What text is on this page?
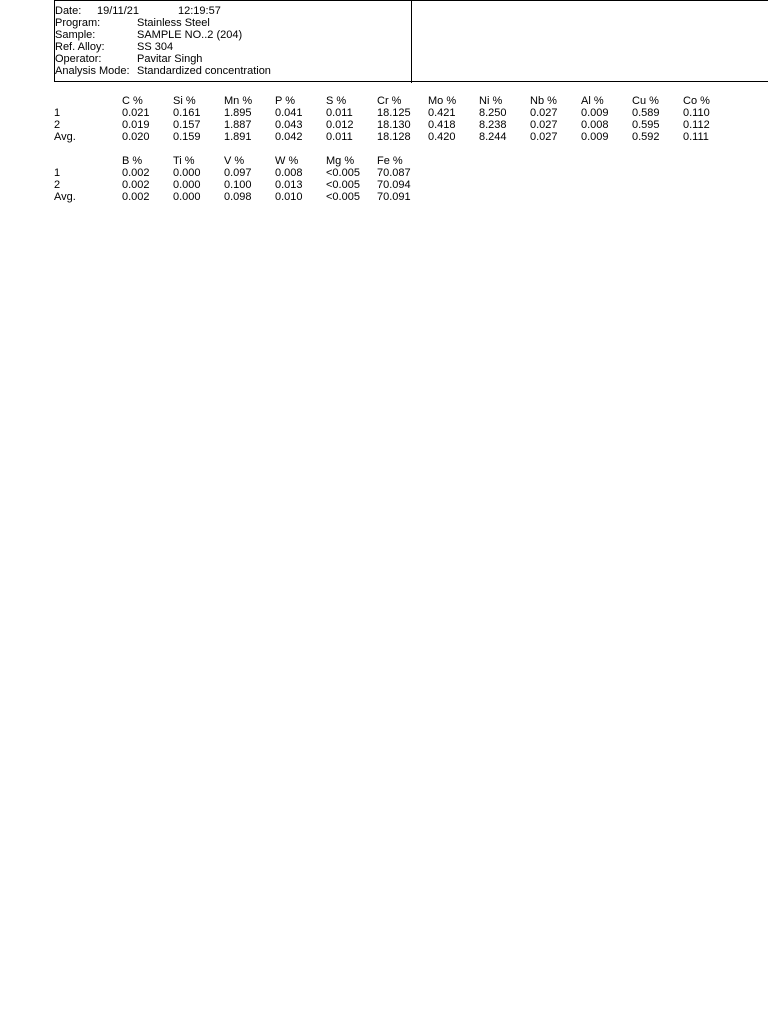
Date: 19/11/21	12:19:57
Program:	Stainless Steel
Sample:	SAMPLE NO..2 (204)
Ref. Alloy:	SS 304
Operator:	Pavitar Singh
Analysis Mode: Standardized concentration
C %	Si %	Mn % P %	S %	Cr % Mo % Ni %	Nb % Al %	Cu % Co %
1	0.021 0.161 1.895 0.041 0.011 18.125 0.421 8.250 0.027 0.009 0.589 0.110
2	0.019 0.157 1.887 0.043 0.012 18.130 0.418 8.238 0.027 0.008 0.595 0.112
Avg.	0.020 0.159 1.891 0.042 0.011 18.128 0.420 8.244 0.027 0.009 0.592 0.111
B %	Ti %	V %	W %	Mg % Fe %
1	0.002 0.000 0.097 0.008 <0.005 70.087
2	0.002 0.000 0.100 0.013 <0.005 70.094
Avg.	0.002 0.000 0.098 0.010 <0.005 70.091
